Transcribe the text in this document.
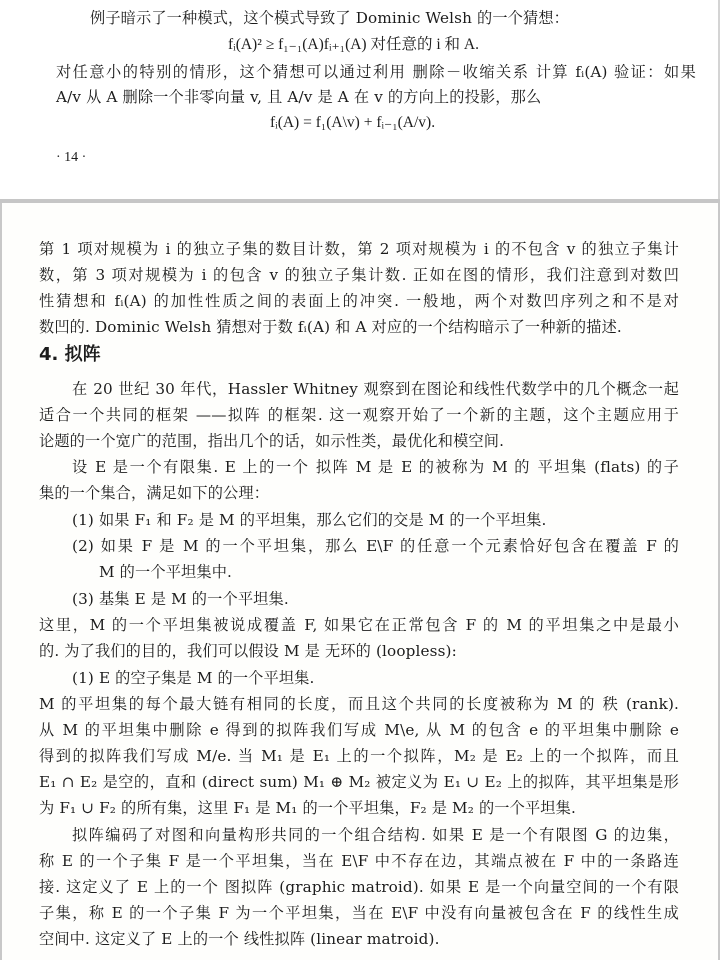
例子暗示了一种模式，这个模式导致了 Dominic Welsh 的一个猜想：
fᵢ(A)² ≥ f₁₋₁(A)fᵢ₊₁(A) 对任意的 i 和 A.
对任意小的特别的情形，这个猜想可以通过利用 删除－收缩关系 计算 fᵢ(A) 验证：如果
A/v 从 A 删除一个非零向量 v, 且 A/v 是 A 在 v 的方向上的投影，那么
fᵢ(A) = f₁(A\v) + fᵢ₋₁(A/v).
· 14 ·
第 1 项对规模为 i 的独立子集的数目计数，第 2 项对规模为 i 的不包含 v 的独立子集计
数，第 3 项对规模为 i 的包含 v 的独立子集计数. 正如在图的情形，我们注意到对数凹
性猜想和 fᵢ(A) 的加性性质之间的表面上的冲突. 一般地，两个对数凹序列之和不是对
数凹的. Dominic Welsh 猜想对于数 fᵢ(A) 和 A 对应的一个结构暗示了一种新的描述.
4. 拟阵
在 20 世纪 30 年代，Hassler Whitney 观察到在图论和线性代数学中的几个概念一起
适合一个共同的框架 ——拟阵 的框架. 这一观察开始了一个新的主题，这个主题应用于
论题的一个宽广的范围，指出几个的话，如示性类，最优化和模空间.
设 E 是一个有限集. E 上的一个 拟阵 M 是 E 的被称为 M 的 平坦集 (flats) 的子
集的一个集合，满足如下的公理：
(1) 如果 F₁ 和 F₂ 是 M 的平坦集，那么它们的交是 M 的一个平坦集.
(2) 如果 F 是 M 的一个平坦集，那么 E\F 的任意一个元素恰好包含在覆盖 F 的
M 的一个平坦集中.
(3) 基集 E 是 M 的一个平坦集.
这里，M 的一个平坦集被说成覆盖 F, 如果它在正常包含 F 的 M 的平坦集之中是最小
的. 为了我们的目的，我们可以假设 M 是 无环的 (loopless):
(1) E 的空子集是 M 的一个平坦集.
M 的平坦集的每个最大链有相同的长度，而且这个共同的长度被称为 M 的 秩 (rank).
从 M 的平坦集中删除 e 得到的拟阵我们写成 M\e, 从 M 的包含 e 的平坦集中删除 e
得到的拟阵我们写成 M/e. 当 M₁ 是 E₁ 上的一个拟阵，M₂ 是 E₂ 上的一个拟阵，而且
E₁ ∩ E₂ 是空的，直和 (direct sum) M₁ ⊕ M₂ 被定义为 E₁ ∪ E₂ 上的拟阵，其平坦集是形
为 F₁ ∪ F₂ 的所有集，这里 F₁ 是 M₁ 的一个平坦集，F₂ 是 M₂ 的一个平坦集.
拟阵编码了对图和向量构形共同的一个组合结构. 如果 E 是一个有限图 G 的边集，
称 E 的一个子集 F 是一个平坦集，当在 E\F 中不存在边，其端点被在 F 中的一条路连
接. 这定义了 E 上的一个 图拟阵 (graphic matroid). 如果 E 是一个向量空间的一个有限
子集，称 E 的一个子集 F 为一个平坦集，当在 E\F 中没有向量被包含在 F 的线性生成
空间中. 这定义了 E 上的一个 线性拟阵 (linear matroid).
